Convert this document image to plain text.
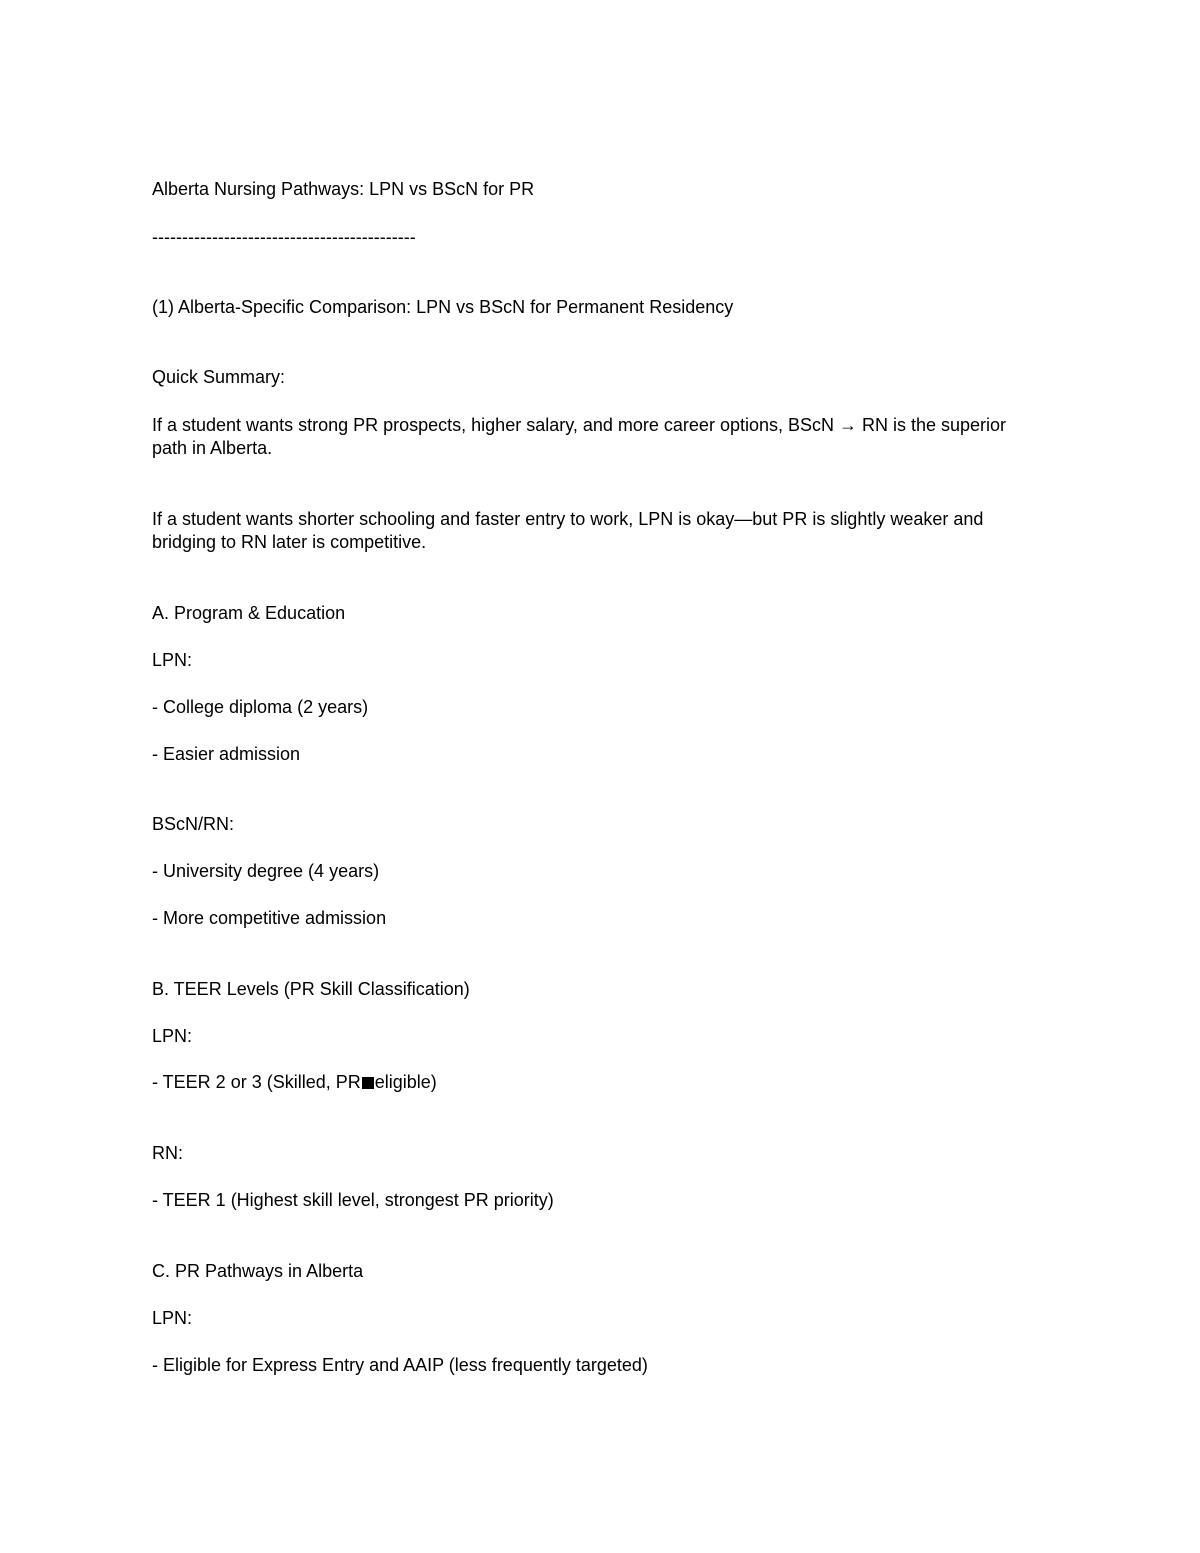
Alberta Nursing Pathways: LPN vs BScN for PR

--------------------------------------------

(1) Alberta-Specific Comparison: LPN vs BScN for Permanent Residency

Quick Summary:

If a student wants strong PR prospects, higher salary, and more career options, BScN → RN is the superior path in Alberta.

If a student wants shorter schooling and faster entry to work, LPN is okay—but PR is slightly weaker and bridging to RN later is competitive.

A. Program & Education

LPN:

- College diploma (2 years)

- Easier admission

BScN/RN:

- University degree (4 years)

- More competitive admission

B. TEER Levels (PR Skill Classification)

LPN:

- TEER 2 or 3 (Skilled, PR eligible)

RN:

- TEER 1 (Highest skill level, strongest PR priority)

C. PR Pathways in Alberta

LPN:

- Eligible for Express Entry and AAIP (less frequently targeted)
